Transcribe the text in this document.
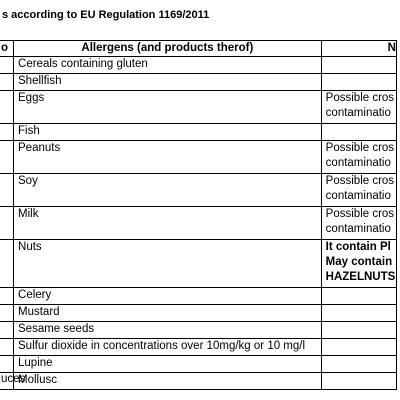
s according to EU Regulation 1169/2011
o	Allergens (and products therof)	N
	Cereals containing gluten	
	Shellfish	
	Eggs	Possible cros
contaminatio
	Fish	
	Peanuts	Possible cros
contaminatio
	Soy	Possible cros
contaminatio
	Milk	Possible cros
contaminatio
	Nuts	It contain Pl
May contain
HAZELNUTS
	Celery	
	Mustard	
	Sesame seeds	
	Sulfur dioxide in concentrations over 10mg/kg or 10 mg/l	
	Lupine	
	Mollusc	
uces
